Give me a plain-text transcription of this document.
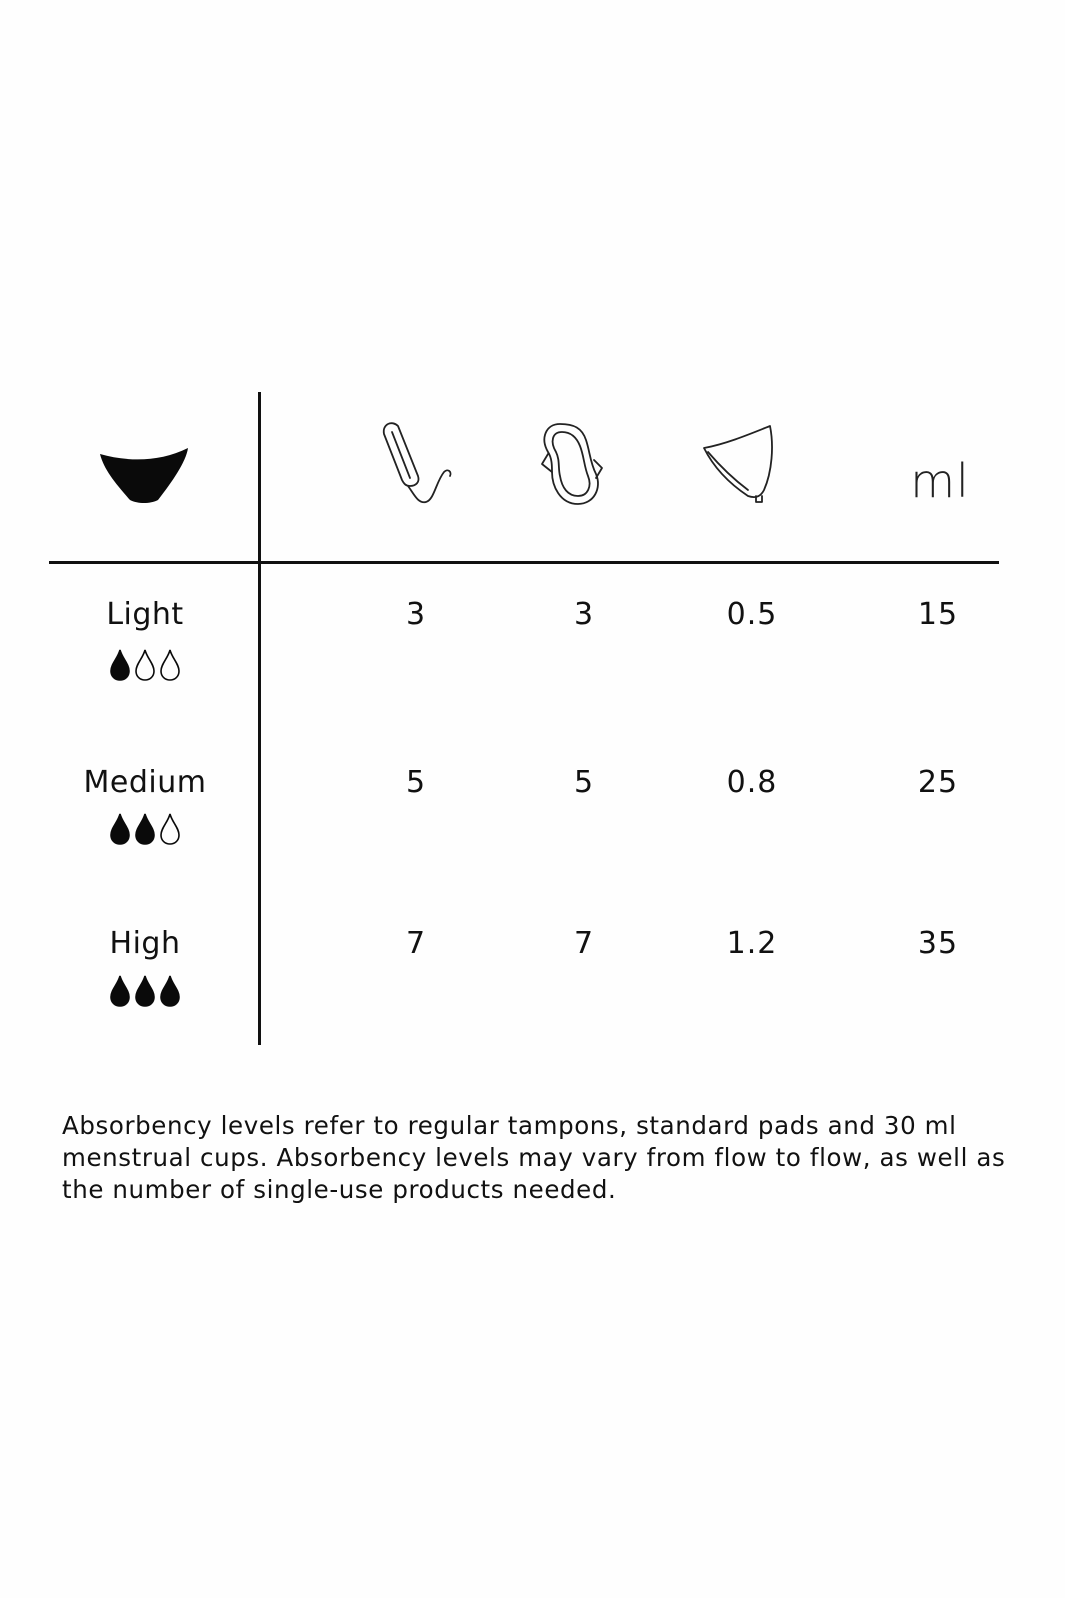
ml
Light	3	3	0.5	15
Medium	5	5	0.8	25
High	7	7	1.2	35
Absorbency levels refer to regular tampons, standard pads and 30 ml menstrual cups. Absorbency levels may vary from flow to flow, as well as the number of single-use products needed.
